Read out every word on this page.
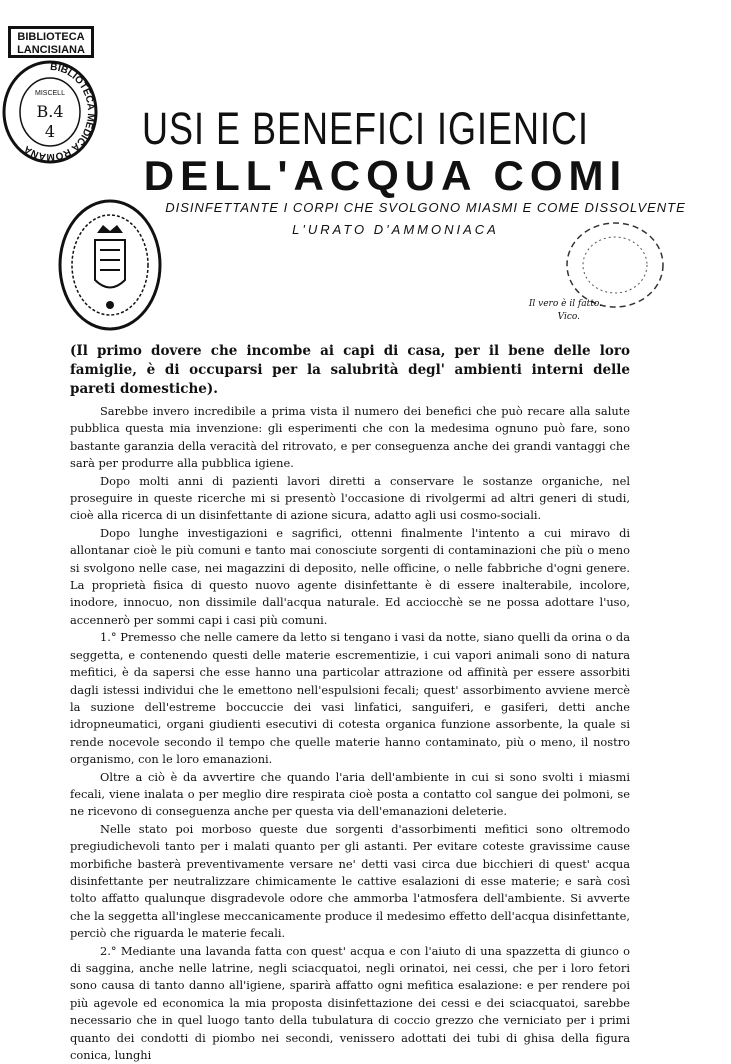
BIBLIOTECA
LANCISIANA
BIBLIOTECA MEDICA ROMANA
MISCELL
B.4
4	USI E BENEFICI IGIENICI
DELL'ACQUA COMI
DISINFETTANTE I CORPI CHE SVOLGONO MIASMI E COME DISSOLVENTE
L'URATO D'AMMONIACA
Il vero è il fatto.
Vico.
(Il primo dovere che incombe ai capi di casa, per il bene delle loro famiglie, è di occuparsi per la salubrità degl' ambienti interni delle pareti domestiche).

Sarebbe invero incredibile a prima vista il numero dei benefici che può recare alla salute pubblica questa mia invenzione: gli esperimenti che con la medesima ognuno può fare, sono bastante garanzia della veracità del ritrovato, e per conseguenza anche dei grandi vantaggi che sarà per produrre alla pubblica igiene.

Dopo molti anni di pazienti lavori diretti a conservare le sostanze organiche, nel proseguire in queste ricerche mi si presentò l'occasione di rivolgermi ad altri generi di studi, cioè alla ricerca di un disinfettante di azione sicura, adatto agli usi cosmo-sociali.

Dopo lunghe investigazioni e sagrifici, ottenni finalmente l'intento a cui miravo di allontanar cioè le più comuni e tanto mai conosciute sorgenti di contaminazioni che più o meno si svolgono nelle case, nei magazzini di deposito, nelle officine, o nelle fabbriche d'ogni genere. La proprietà fisica di questo nuovo agente disinfettante è di essere inalterabile, incolore, inodore, innocuo, non dissimile dall'acqua naturale. Ed acciocchè se ne possa adottare l'uso, accennerò per sommi capi i casi più comuni.

1.° Premesso che nelle camere da letto si tengano i vasi da notte, siano quelli da orina o da seggetta, e contenendo questi delle materie escrementizie, i cui vapori animali sono di natura mefitici, è da sapersi che esse hanno una particolar attrazione od affinità per essere assorbiti dagli istessi individui che le emettono nell'espulsioni fecali; quest' assorbimento avviene mercè la suzione dell'estreme boccuccie dei vasi linfatici, sanguiferi, e gasiferi, detti anche idropneumatici, organi giudienti esecutivi di cotesta organica funzione assorbente, la quale si rende nocevole secondo il tempo che quelle materie hanno contaminato, più o meno, il nostro organismo, con le loro emanazioni.

Oltre a ciò è da avvertire che quando l'aria dell'ambiente in cui si sono svolti i miasmi fecali, viene inalata o per meglio dire respirata cioè posta a contatto col sangue dei polmoni, se ne ricevono di conseguenza anche per questa via dell'emanazioni deleterie.

Nelle stato poi morboso queste due sorgenti d'assorbimenti mefitici sono oltremodo pregiudichevoli tanto per i malati quanto per gli astanti. Per evitare coteste gravissime cause morbifiche basterà preventivamente versare ne' detti vasi circa due bicchieri di quest' acqua disinfettante per neutralizzare chimicamente le cattive esalazioni di esse materie; e sarà così tolto affatto qualunque disgradevole odore che ammorba l'atmosfera dell'ambiente. Si avverte che la seggetta all'inglese meccanicamente produce il medesimo effetto dell'acqua disinfettante, perciò che riguarda le materie fecali.

2.° Mediante una lavanda fatta con quest' acqua e con l'aiuto di una spazzetta di giunco o di saggina, anche nelle latrine, negli sciacquatoi, negli orinatoi, nei cessi, che per i loro fetori sono causa di tanto danno all'igiene, sparirà affatto ogni mefitica esalazione: e per rendere poi più agevole ed economica la mia proposta disinfettazione dei cessi e dei sciacquatoi, sarebbe necessario che in quel luogo tanto della tubulatura di coccio grezzo che verniciato per i primi quanto dei condotti di piombo nei secondi, venissero adottati dei tubi di ghisa della figura conica, lunghi
